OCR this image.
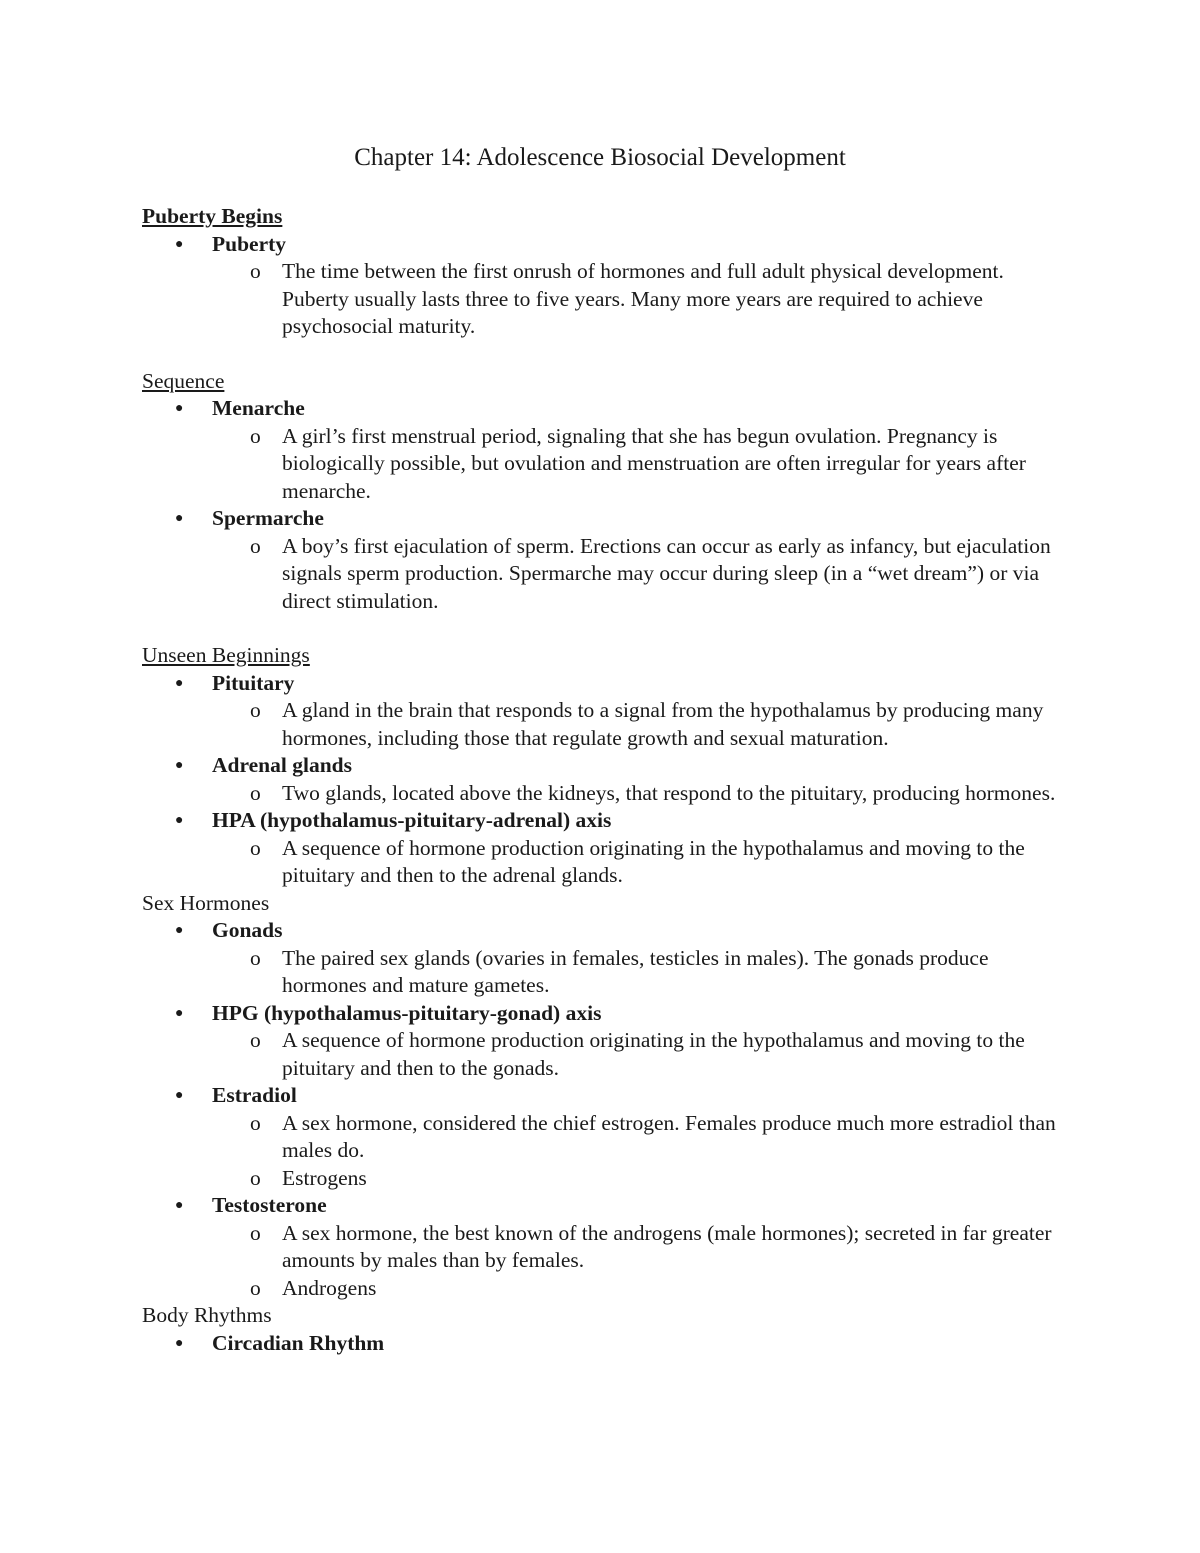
Chapter 14: Adolescence Biosocial Development
Puberty Begins
● Puberty
o The time between the first onrush of hormones and full adult physical development. Puberty usually lasts three to five years. Many more years are required to achieve psychosocial maturity.
Sequence
● Menarche
o A girl’s first menstrual period, signaling that she has begun ovulation. Pregnancy is biologically possible, but ovulation and menstruation are often irregular for years after menarche.
● Spermarche
o A boy’s first ejaculation of sperm. Erections can occur as early as infancy, but ejaculation signals sperm production. Spermarche may occur during sleep (in a “wet dream”) or via direct stimulation.
Unseen Beginnings
● Pituitary
o A gland in the brain that responds to a signal from the hypothalamus by producing many hormones, including those that regulate growth and sexual maturation.
● Adrenal glands
o Two glands, located above the kidneys, that respond to the pituitary, producing hormones.
● HPA (hypothalamus-pituitary-adrenal) axis
o A sequence of hormone production originating in the hypothalamus and moving to the pituitary and then to the adrenal glands.
Sex Hormones
● Gonads
o The paired sex glands (ovaries in females, testicles in males). The gonads produce hormones and mature gametes.
● HPG (hypothalamus-pituitary-gonad) axis
o A sequence of hormone production originating in the hypothalamus and moving to the pituitary and then to the gonads.
● Estradiol
o A sex hormone, considered the chief estrogen. Females produce much more estradiol than males do.
o Estrogens
● Testosterone
o A sex hormone, the best known of the androgens (male hormones); secreted in far greater amounts by males than by females.
o Androgens
Body Rhythms
● Circadian Rhythm
